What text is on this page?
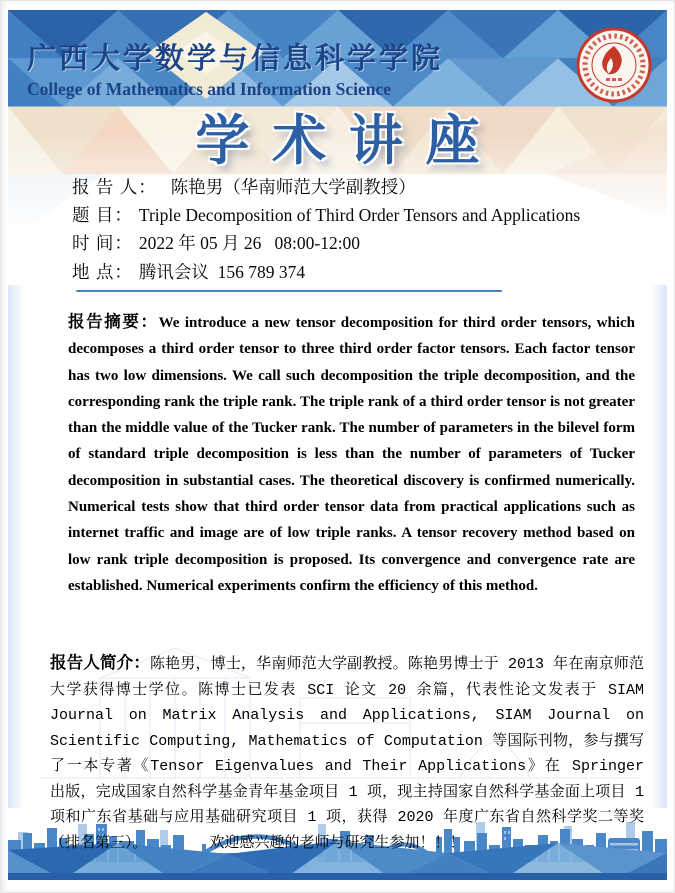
广西大学数学与信息科学学院
College of Mathematics and Information Science
学术讲座
报 告 人： 陈艳男（华南师范大学副教授）
题 目： Triple Decomposition of Third Order Tensors and Applications
时 间： 2022 年 05 月 26   08:00-12:00
地 点： 腾讯会议  156 789 374

报告摘要：We introduce a new tensor decomposition for third order tensors, which decomposes a third order tensor to three third order factor tensors. Each factor tensor has two low dimensions. We call such decomposition the triple decomposition, and the corresponding rank the triple rank. The triple rank of a third order tensor is not greater than the middle value of the Tucker rank. The number of parameters in the bilevel form of standard triple decomposition is less than the number of parameters of Tucker decomposition in substantial cases. The theoretical discovery is confirmed numerically. Numerical tests show that third order tensor data from practical applications such as internet traffic and image are of low triple ranks. A tensor recovery method based on low rank triple decomposition is proposed. Its convergence and convergence rate are established. Numerical experiments confirm the efficiency of this method.

报告人简介：陈艳男，博士，华南师范大学副教授。陈艳男博士于 2013 年在南京师范大学获得博士学位。陈博士已发表 SCI 论文 20 余篇，代表性论文发表于 SIAM Journal on Matrix Analysis and Applications, SIAM Journal on Scientific Computing, Mathematics of Computation 等国际刊物，参与撰写了一本专著《Tensor Eigenvalues and Their Applications》在 Springer 出版，完成国家自然科学基金青年基金项目 1 项，现主持国家自然科学基金面上项目 1 项和广东省基础与应用基础研究项目 1 项，获得 2020 年度广东省自然科学奖二等奖（排名第三）。	欢迎感兴趣的老师与研究生参加！！！
